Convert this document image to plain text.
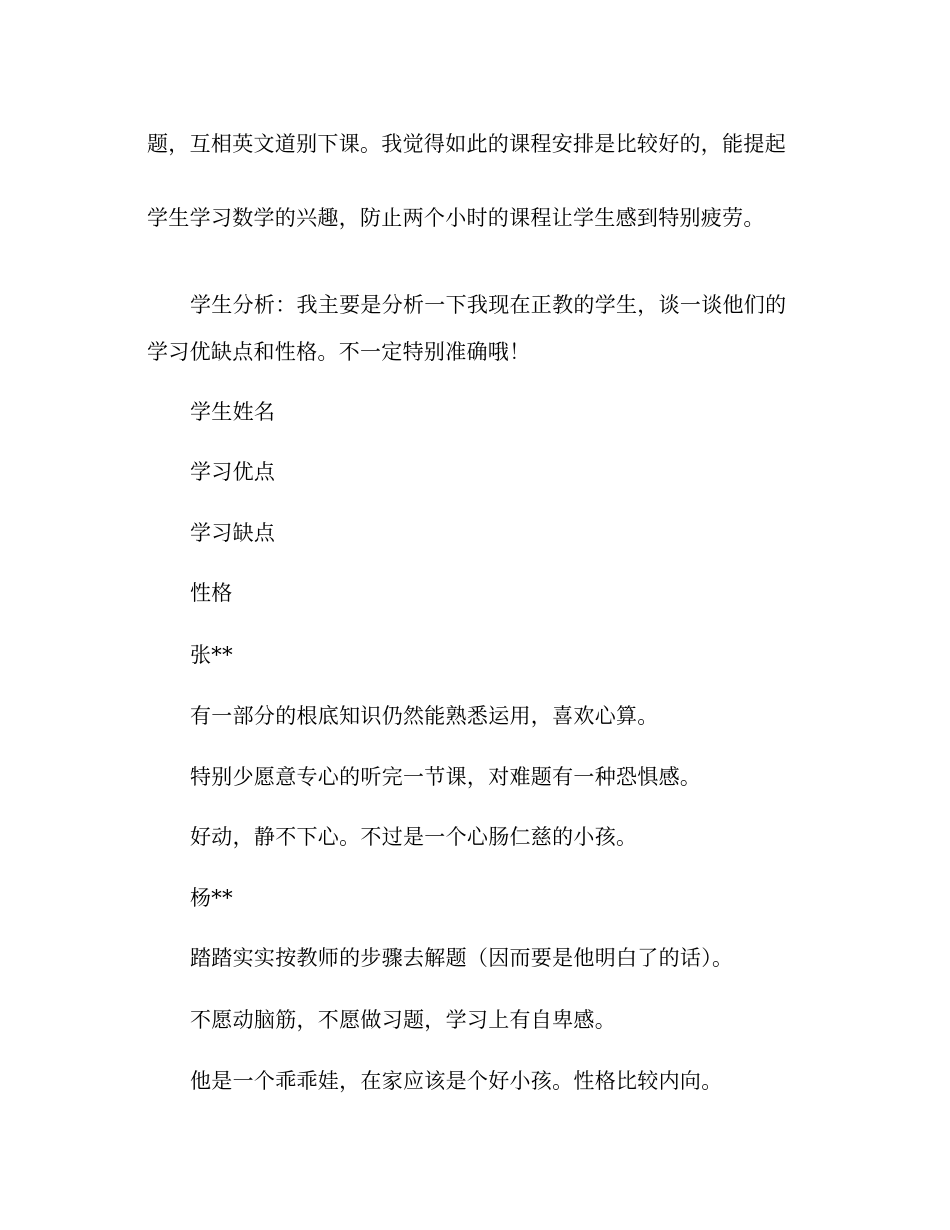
题，互相英文道别下课。我觉得如此的课程安排是比较好的，能提起
学生学习数学的兴趣，防止两个小时的课程让学生感到特别疲劳。
学生分析：我主要是分析一下我现在正教的学生，谈一谈他们的
学习优缺点和性格。不一定特别准确哦！
学生姓名
学习优点
学习缺点
性格
张**
有一部分的根底知识仍然能熟悉运用，喜欢心算。
特别少愿意专心的听完一节课，对难题有一种恐惧感。
好动，静不下心。不过是一个心肠仁慈的小孩。
杨**
踏踏实实按教师的步骤去解题（因而要是他明白了的话）。
不愿动脑筋，不愿做习题，学习上有自卑感。
他是一个乖乖娃，在家应该是个好小孩。性格比较内向。
